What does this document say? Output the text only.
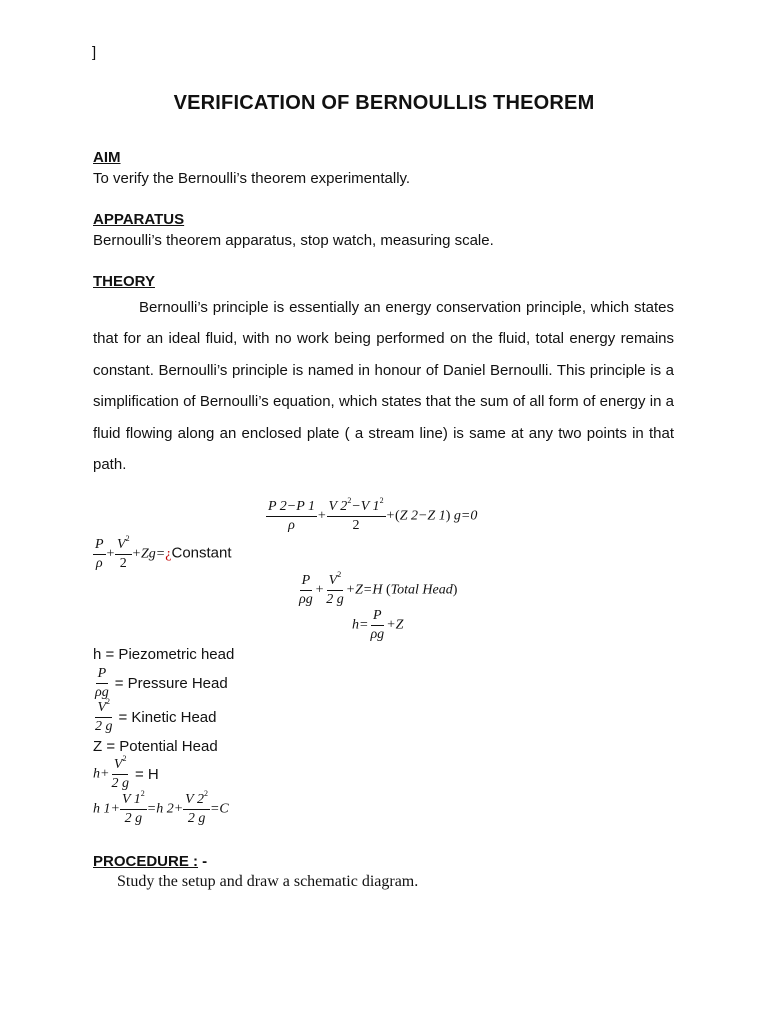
]
VERIFICATION OF BERNOULLIS THEOREM
AIM
To verify the Bernoulli’s theorem experimentally.
APPARATUS
Bernoulli’s theorem apparatus, stop watch, measuring scale.
THEORY
Bernoulli’s principle is essentially an energy conservation principle, which states that for an ideal fluid, with no work being performed on the fluid, total energy remains constant. Bernoulli’s principle is named in honour of Daniel Bernoulli. This principle is a simplification of Bernoulli’s equation, which states that the sum of all form of energy in a fluid flowing along an enclosed plate ( a stream line) is same at any two points in that path.
$\frac{P 2-P 1}{\rho} + \frac{V 2^2-V 1^2}{2} +(Z$ 2−Z 1) g=0
$\frac{P}{\rho} + \frac{V^2}{2}$ +Zg=¿Constant
$\frac{P}{\rho g} + \frac{V^2}{2 g} +Z=H$ (Total Head)
$h= \frac{P}{\rho g} +Z$
h = Piezometric head
$\frac{P}{\rho g}$ = Pressure Head
$\frac{V^2}{2 g}$ = Kinetic Head
Z = Potential Head
$h+ \frac{V^2}{2 g} = H$
h $1+ \frac{V 1^2}{2 g} =h$ $2+ \frac{V 2^2}{2 g} =C$
PROCEDURE : -
Study the setup and draw a schematic diagram.
